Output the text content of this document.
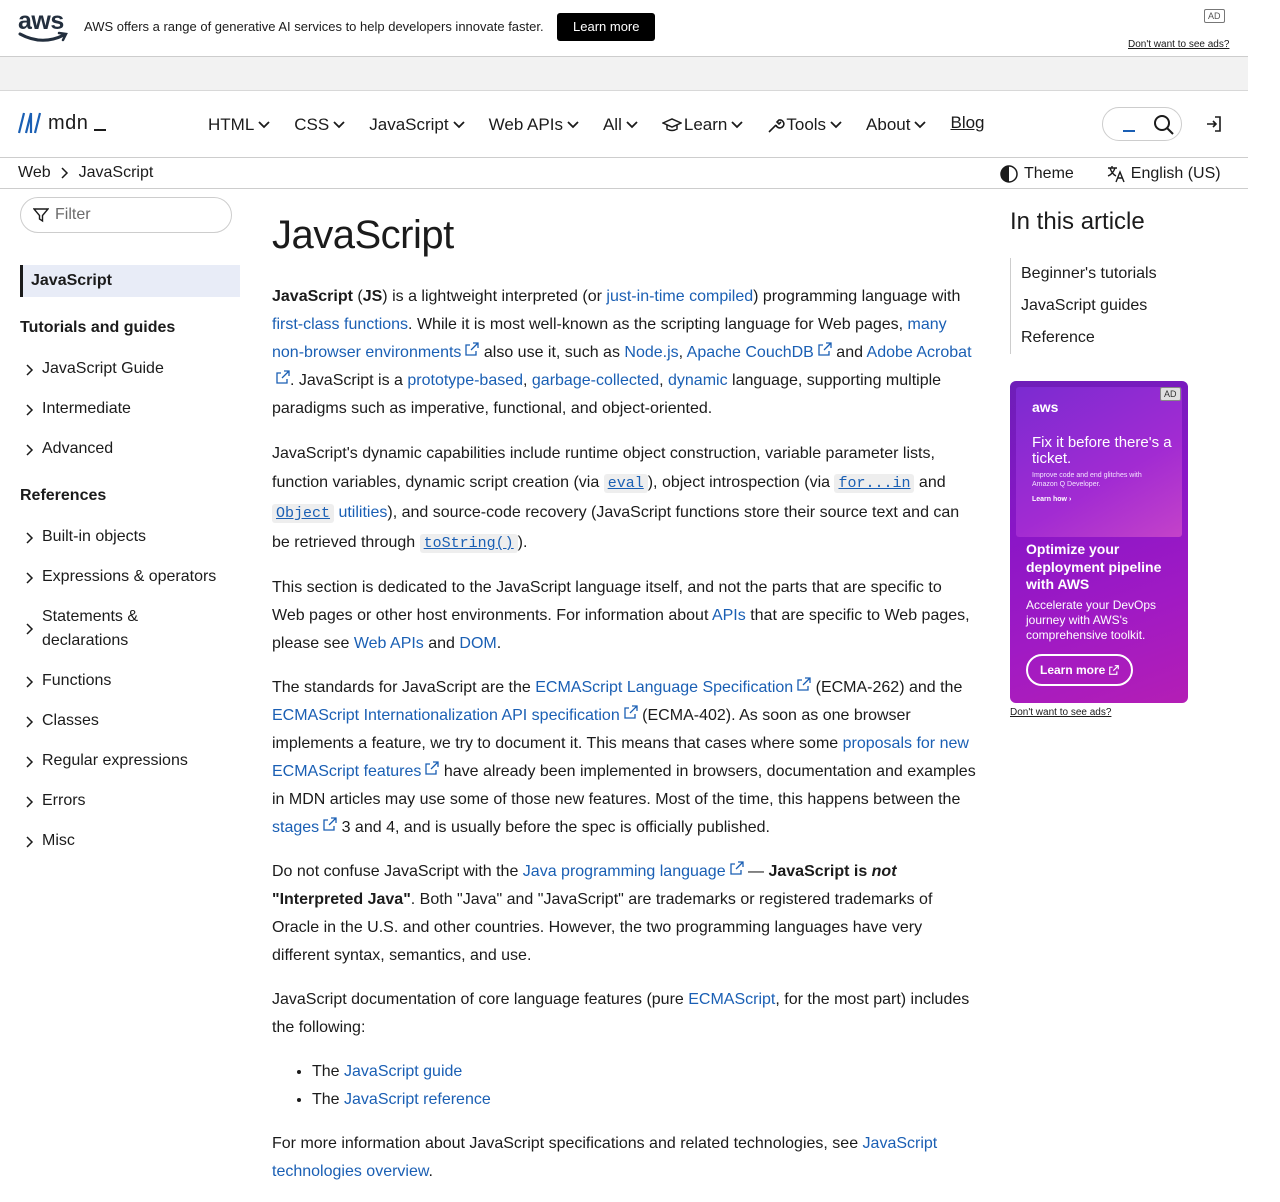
aws	AWS offers a range of generative AI services to help developers innovate faster.	Learn more
AD
Don't want to see ads?
mdn	HTML CSS JavaScript Web APIs All	Learn	Tools About Blog
Web JavaScript	Theme	English (US)
Filter
JavaScript
Tutorials and guides
JavaScript Guide
Intermediate
Advanced
References
Built-in objects
Expressions & operators
Statements & declarations
Functions
Classes
Regular expressions
Errors
Misc
JavaScript

JavaScript (JS) is a lightweight interpreted (or just-in-time compiled) programming language with first-class functions. While it is most well-known as the scripting language for Web pages, many non-browser environments also use it, such as Node.js, Apache CouchDB and Adobe Acrobat. JavaScript is a prototype-based, garbage-collected, dynamic language, supporting multiple paradigms such as imperative, functional, and object-oriented.

JavaScript's dynamic capabilities include runtime object construction, variable parameter lists, function variables, dynamic script creation (via eval ), object introspection (via for...in and Object utilities), and source-code recovery (JavaScript functions store their source text and can be retrieved through toString() ).

This section is dedicated to the JavaScript language itself, and not the parts that are specific to Web pages or other host environments. For information about APIs that are specific to Web pages, please see Web APIs and DOM.

The standards for JavaScript are the ECMAScript Language Specification (ECMA-262) and the ECMAScript Internationalization API specification (ECMA-402). As soon as one browser implements a feature, we try to document it. This means that cases where some proposals for new ECMAScript features have already been implemented in browsers, documentation and examples in MDN articles may use some of those new features. Most of the time, this happens between the stages 3 and 4, and is usually before the spec is officially published.

Do not confuse JavaScript with the Java programming language — JavaScript is not "Interpreted Java". Both "Java" and "JavaScript" are trademarks or registered trademarks of Oracle in the U.S. and other countries. However, the two programming languages have very different syntax, semantics, and use.

JavaScript documentation of core language features (pure ECMAScript, for the most part) includes the following:

• The JavaScript guide
• The JavaScript reference

For more information about JavaScript specifications and related technologies, see JavaScript technologies overview.

In this article
Beginner's tutorials
JavaScript guides
Reference
aws
Fix it before there's a ticket.
Improve code and end glitches with Amazon Q Developer.
Learn how ›
AD
Optimize your deployment pipeline with AWS
Accelerate your DevOps journey with AWS's comprehensive toolkit.
Learn more
Don't want to see ads?
